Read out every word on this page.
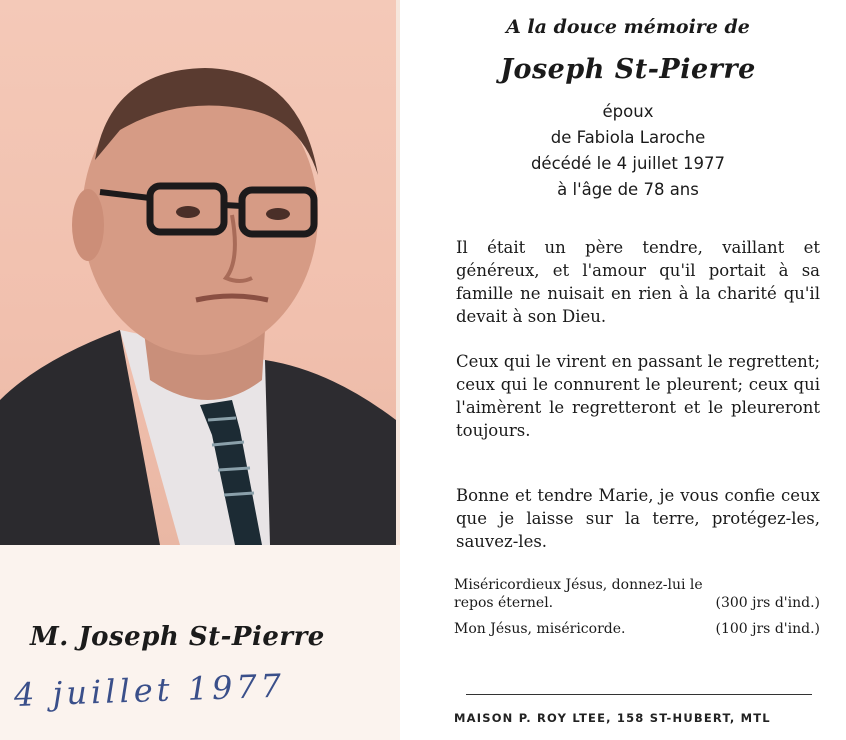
M. Joseph St-Pierre
4 juillet 1977
A la douce mémoire de
Joseph St-Pierre
époux
de Fabiola Laroche
décédé le 4 juillet 1977
à l'âge de 78 ans

Il était un père tendre, vaillant et généreux, et l'amour qu'il portait à sa famille ne nuisait en rien à la charité qu'il devait à son Dieu.

Ceux qui le virent en passant le regrettent; ceux qui le connurent le pleurent; ceux qui l'aimèrent le regretteront et le pleureront toujours.

Bonne et tendre Marie, je vous confie ceux que je laisse sur la terre, protégez-les, sauvez-les.

Miséricordieux Jésus, donnez-lui le
repos éternel.	(300 jrs d'ind.)
Mon Jésus, miséricorde.	(100 jrs d'ind.)
MAISON P. ROY LTEE, 158 ST-HUBERT, MTL
